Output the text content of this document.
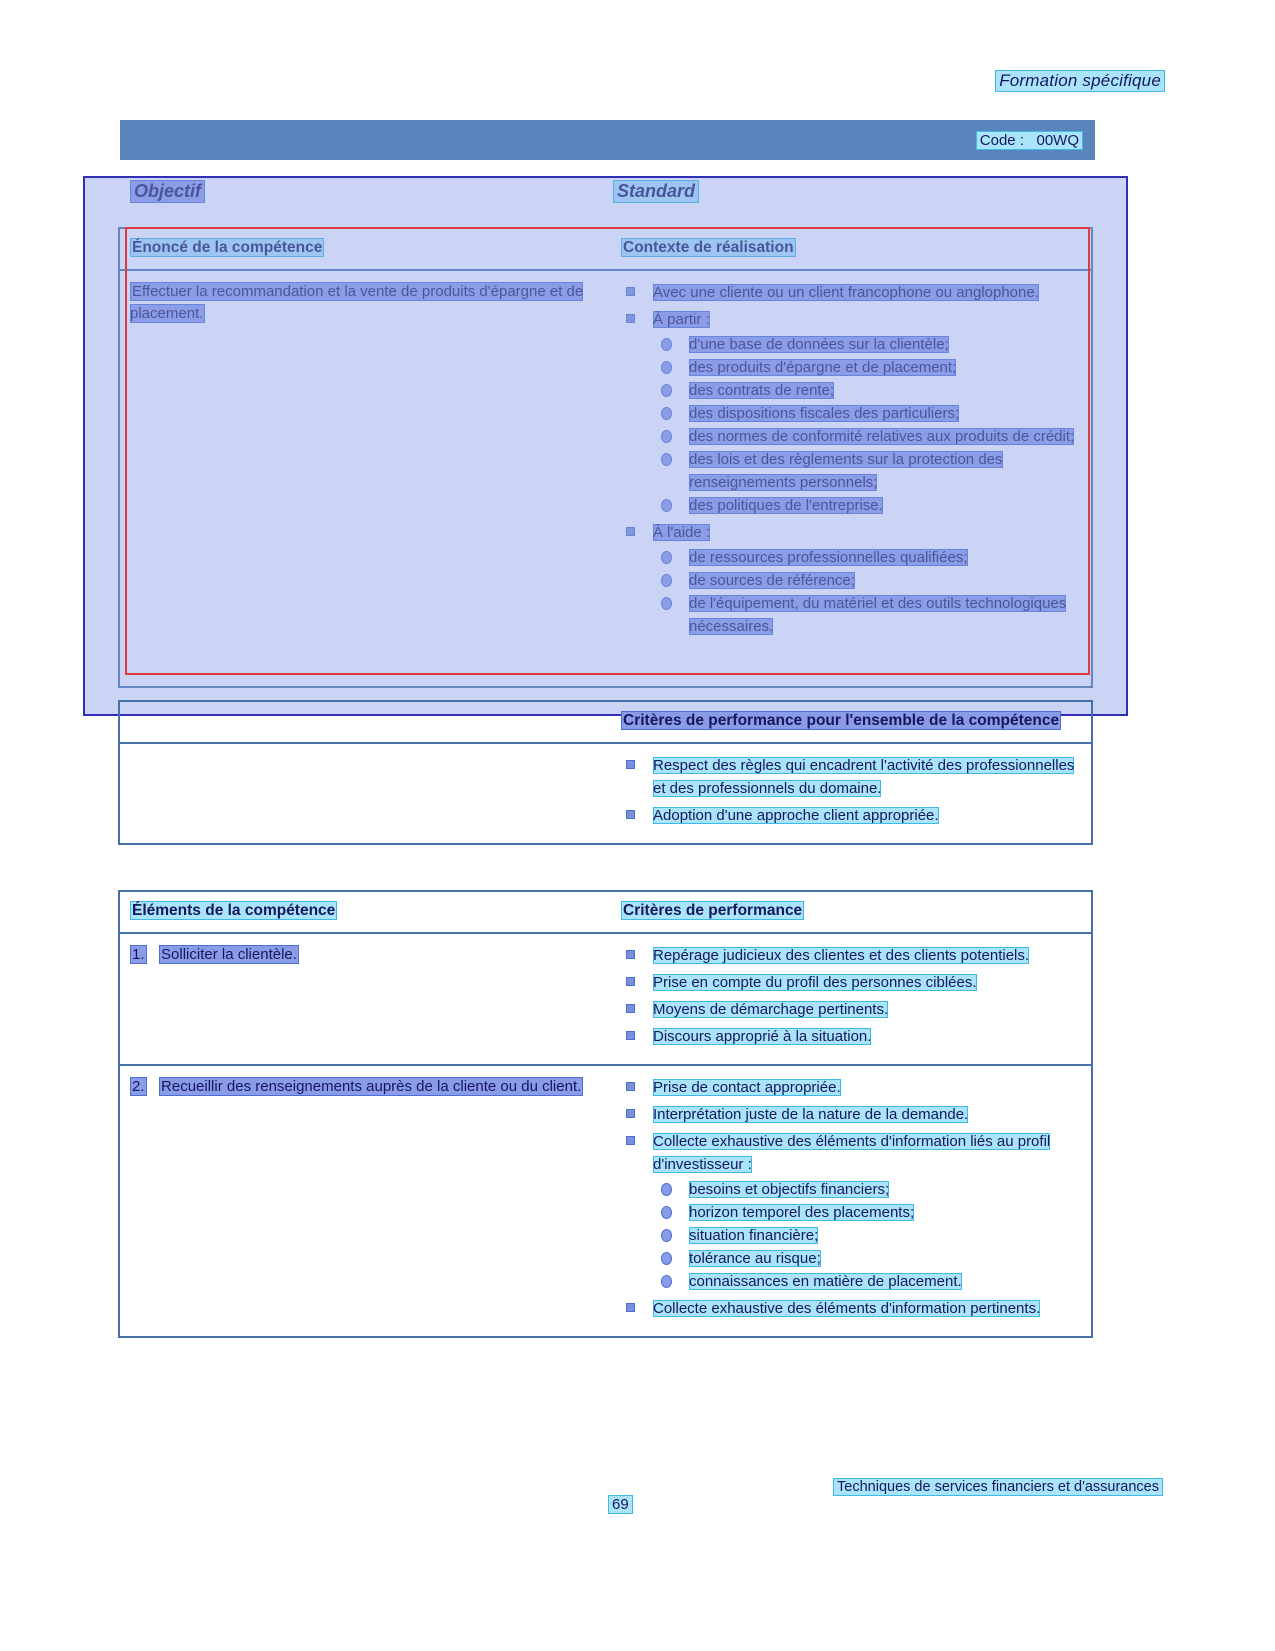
Formation spécifique
Code : 00WQ
Objectif	Standard
Énoncé de la compétence	Contexte de réalisation
Effectuer la recommandation et la vente de produits d'épargne et de placement.
Avec une cliente ou un client francophone ou anglophone.
À partir :
d'une base de données sur la clientèle;
des produits d'épargne et de placement;
des contrats de rente;
des dispositions fiscales des particuliers;
des normes de conformité relatives aux produits de crédit;
des lois et des règlements sur la protection des renseignements personnels;
des politiques de l'entreprise.
À l'aide :
de ressources professionnelles qualifiées;
de sources de référence;
de l'équipement, du matériel et des outils technologiques nécessaires.

Critères de performance pour l'ensemble de la compétence

Respect des règles qui encadrent l'activité des professionnelles et des professionnels du domaine.
Adoption d'une approche client appropriée.
Éléments de la compétence	Critères de performance
1. Solliciter la clientèle.	Repérage judicieux des clientes et des clients potentiels.
Prise en compte du profil des personnes ciblées.
Moyens de démarchage pertinents.
Discours approprié à la situation.
2. Recueillir des renseignements auprès de la cliente ou du client.	Prise de contact appropriée.
Interprétation juste de la nature de la demande.
Collecte exhaustive des éléments d'information liés au profil d'investisseur :
besoins et objectifs financiers;
horizon temporel des placements;
situation financière;
tolérance au risque;
connaissances en matière de placement.
Collecte exhaustive des éléments d'information pertinents.
Techniques de services financiers et d'assurances
69
